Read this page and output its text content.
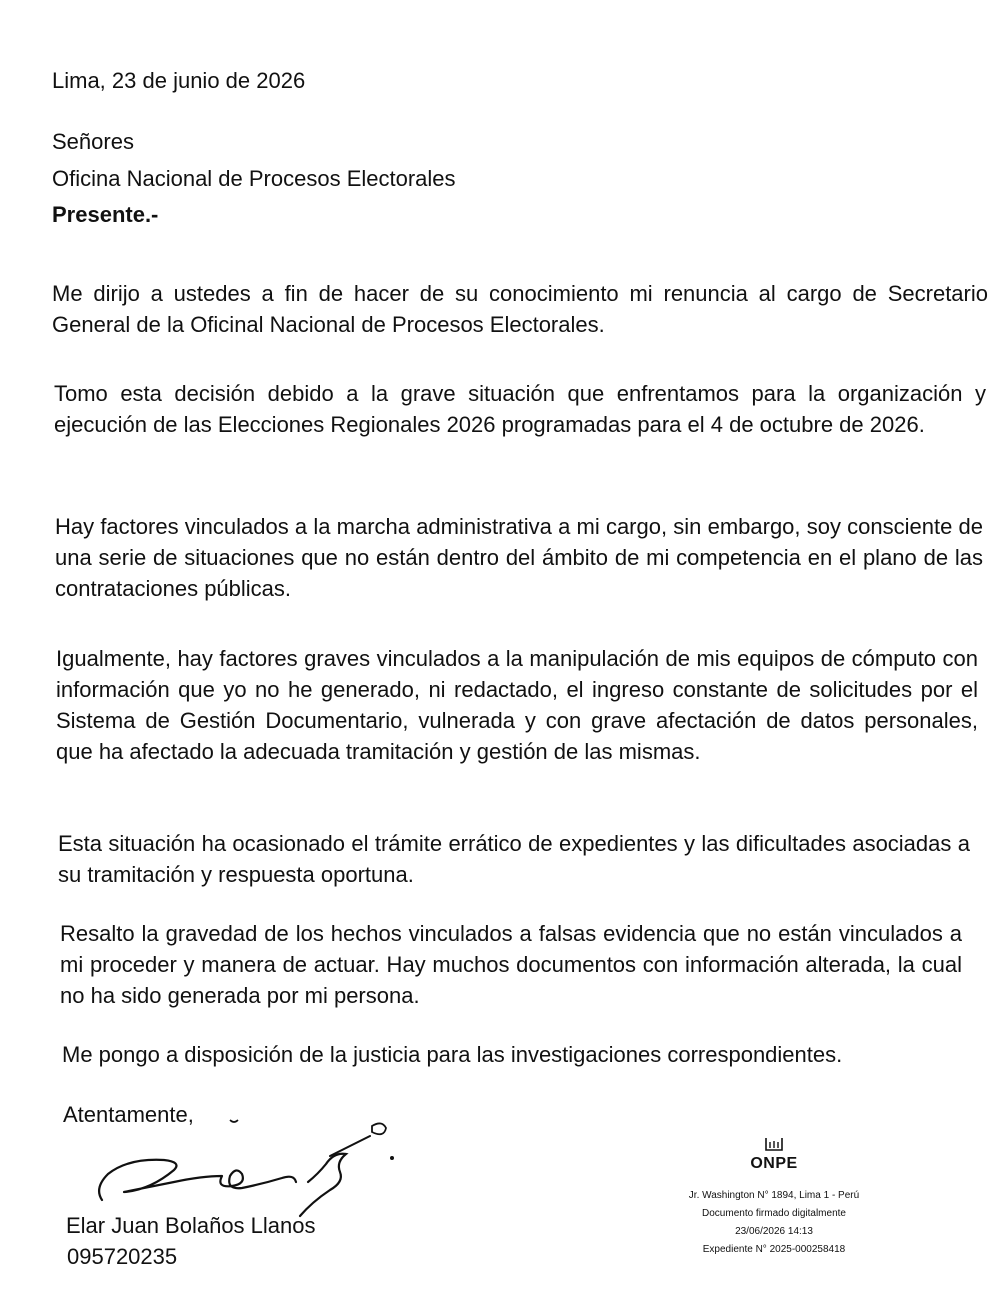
Lima, 23 de junio de 2026
Señores
Oficina Nacional de Procesos Electorales
Presente.-
Me dirijo a ustedes a fin de hacer de su conocimiento mi renuncia al cargo de Secretario General de la Oficinal Nacional de Procesos Electorales.
Tomo esta decisión debido a la grave situación que enfrentamos para la organización y ejecución de las Elecciones Regionales 2026 programadas para el 4 de octubre de 2026.
Hay factores vinculados a la marcha administrativa a mi cargo, sin embargo, soy consciente de una serie de situaciones que no están dentro del ámbito de mi competencia en el plano de las contrataciones públicas.
Igualmente, hay factores graves vinculados a la manipulación de mis equipos de cómputo con información que yo no he generado, ni redactado, el ingreso constante de solicitudes por el Sistema de Gestión Documentario, vulnerada y con grave afectación de datos personales, que ha afectado la adecuada tramitación y gestión de las mismas.
Esta situación ha ocasionado el trámite errático de expedientes y las dificultades asociadas a su tramitación y respuesta oportuna.
Resalto la gravedad de los hechos vinculados a falsas evidencia que no están vinculados a mi proceder y manera de actuar. Hay muchos documentos con información alterada, la cual no ha sido generada por mi persona.
Me pongo a disposición de la justicia para las investigaciones correspondientes.
Atentamente,
Elar Juan Bolaños Llanos
095720235
ONPE
Jr. Washington N° 1894, Lima 1 - Perú
Documento firmado digitalmente
23/06/2026 14:13
Expediente N° 2025-000258418
